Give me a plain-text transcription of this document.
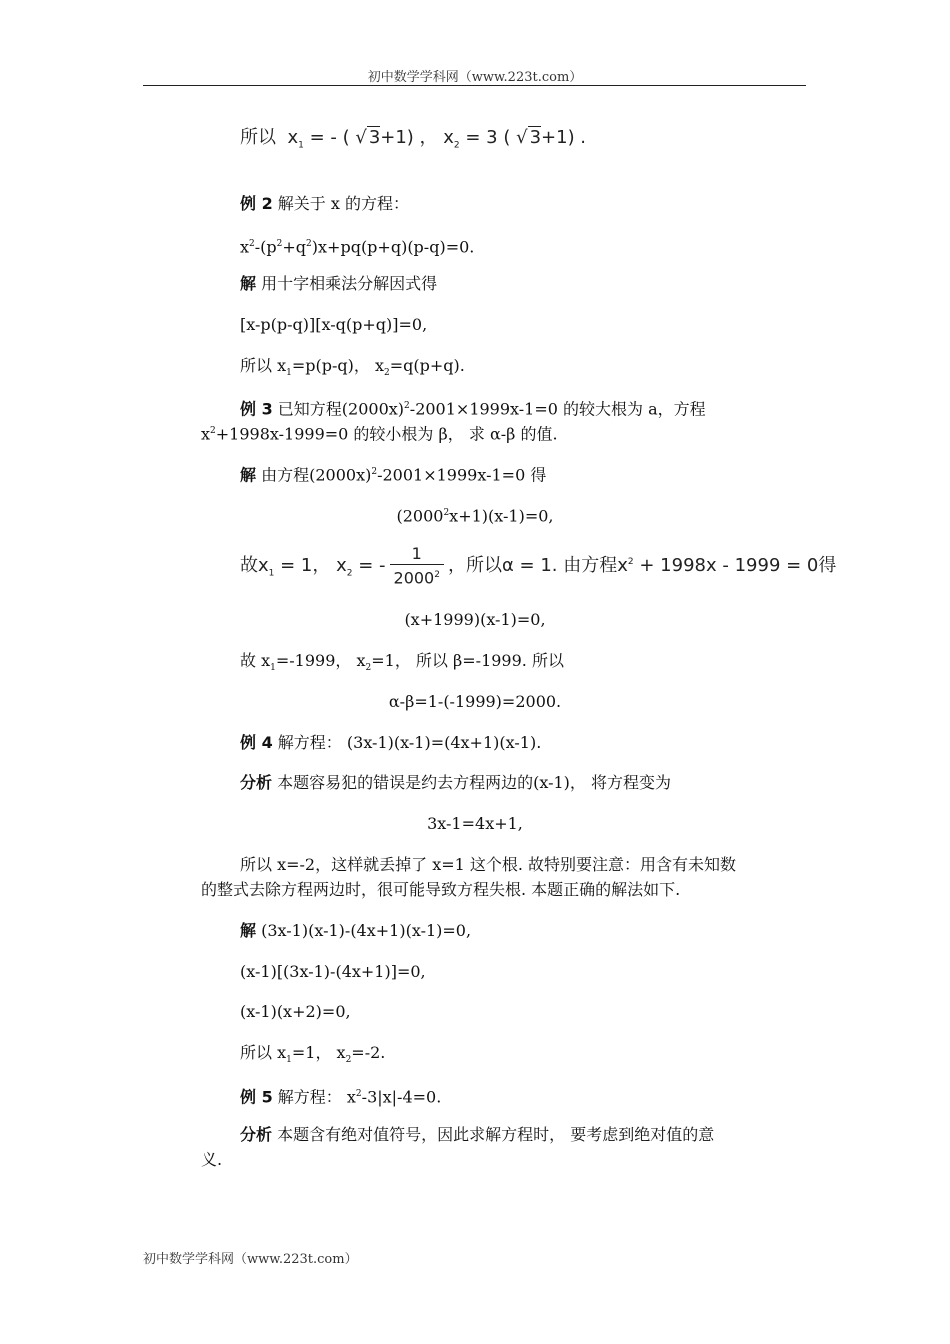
初中数学学科网（www.223t.com）
所以 $x_1$ = - ( √ 3+1) ， $x_2 = 3$ ( √ 3+1) .
例 2 解关于 x 的方程：
$x^2-(p^2+q^2)x+pq(p+q)(p-q)=0$.
解 用十字相乘法分解因式得
[x-p(p-q)][x-q(p+q)]=0,
所以 $x_1=p(p-q)$， $x_2=q(p+q)$.
例 3 已知方程$(2000x)^2-2001\times 1999x-1=0$ 的较大根为 a，方程
$x^2+1998x-1999=0$ 的较小根为 β， 求 α-β 的值.
解 由方程$(2000x)^2-2001\times 1999x-1=0$ 得
$(2000^2x+1)(x-1)=0$,
故$x_1 = 1$， $x_2$ = - $\frac{1}{2000^2}$ ，所以α = 1. 由方程$x^2 + 1998x - 1999 = 0$得
(x+1999)(x-1)=0,
故 $x_1=-1999$， $x_2=1$， 所以 β=-1999. 所以
α-β=1-(-1999)=2000.
例 4 解方程： (3x-1)(x-1)=(4x+1)(x-1).
分析 本题容易犯的错误是约去方程两边的(x-1)， 将方程变为
3x-1=4x+1,
所以 x=-2，这样就丢掉了 x=1 这个根. 故特别要注意：用含有未知数
的整式去除方程两边时，很可能导致方程失根. 本题正确的解法如下.
解 (3x-1)(x-1)-(4x+1)(x-1)=0,
(x-1)[(3x-1)-(4x+1)]=0,
(x-1)(x+2)=0,
所以 $x_1=1$， $x_2=-2$.
例 5 解方程： $x^2-3|x|-4=0$.
分析 本题含有绝对值符号，因此求解方程时， 要考虑到绝对值的意
义.
初中数学学科网（www.223t.com）
